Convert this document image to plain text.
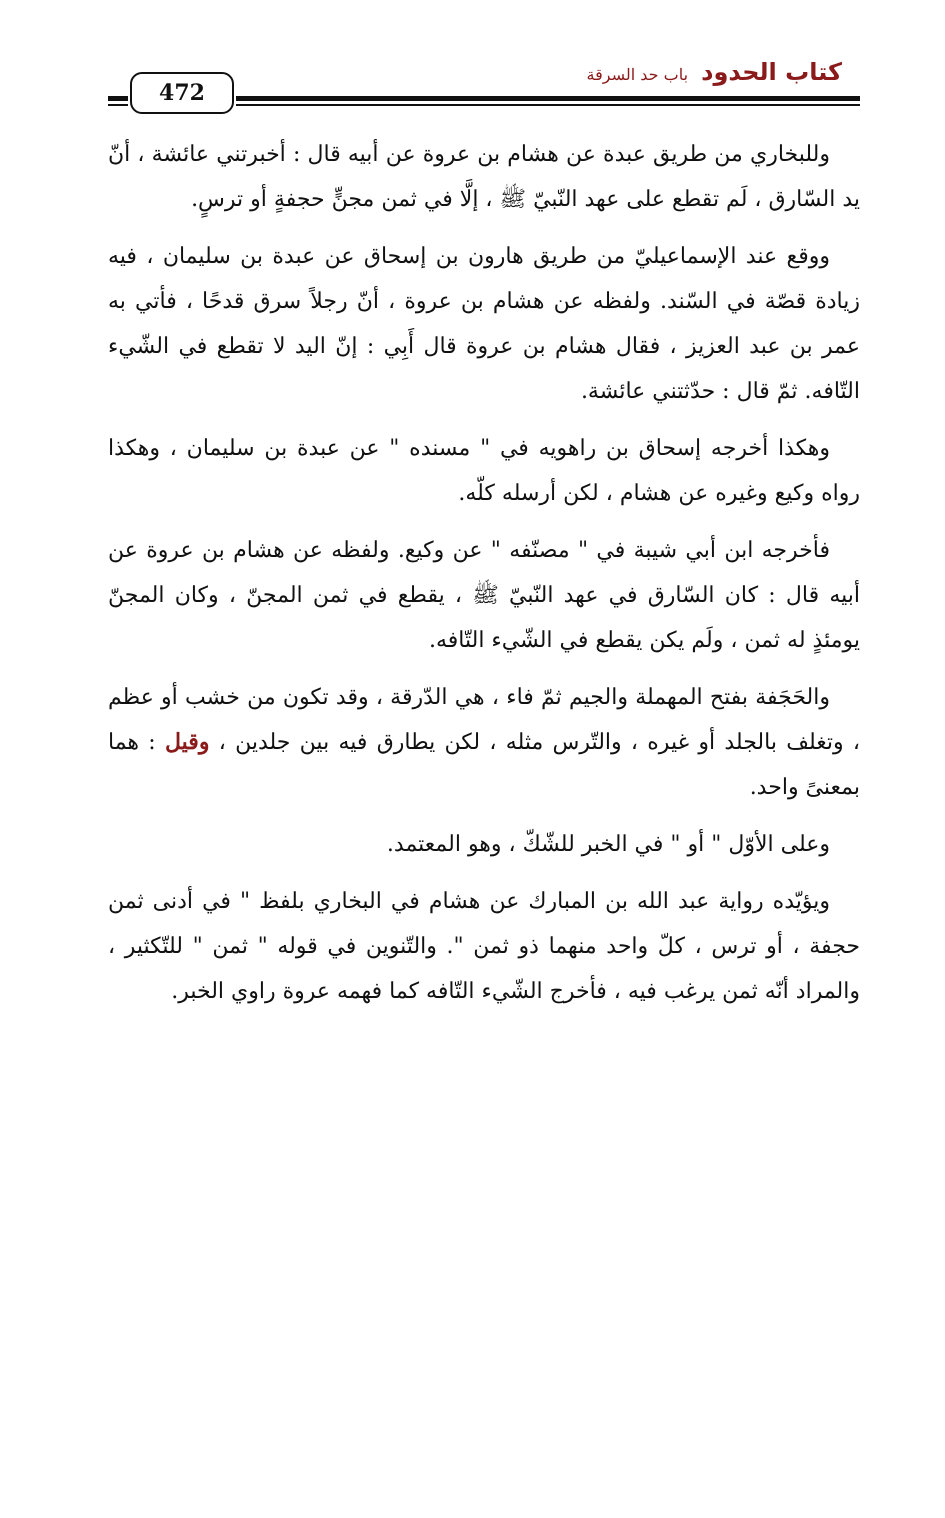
كتاب الحدود باب حد السرقة
472

وللبخاري من طريق عبدة عن هشام بن عروة عن أبيه قال : أخبرتني عائشة ، أنّ يد السّارق ، لَم تقطع على عهد النّبيّ ﷺ ، إلَّا في ثمن مجنٍّ حجفةٍ أو ترسٍ.

ووقع عند الإسماعيليّ من طريق هارون بن إسحاق عن عبدة بن سليمان ، فيه زيادة قصّة في السّند. ولفظه عن هشام بن عروة ، أنّ رجلاً سرق قدحًا ، فأتي به عمر بن عبد العزيز ، فقال هشام بن عروة قال أَبِي : إنّ اليد لا تقطع في الشّيء التّافه. ثمّ قال : حدّثتني عائشة.

وهكذا أخرجه إسحاق بن راهويه في " مسنده " عن عبدة بن سليمان ، وهكذا رواه وكيع وغيره عن هشام ، لكن أرسله كلّه.

فأخرجه ابن أبي شيبة في " مصنّفه " عن وكيع. ولفظه عن هشام بن عروة عن أبيه قال : كان السّارق في عهد النّبيّ ﷺ ، يقطع في ثمن المجنّ ، وكان المجنّ يومئذٍ له ثمن ، ولَم يكن يقطع في الشّيء التّافه.

والحَجَفة بفتح المهملة والجيم ثمّ فاء ، هي الدّرقة ، وقد تكون من خشب أو عظم ، وتغلف بالجلد أو غيره ، والتّرس مثله ، لكن يطارق فيه بين جلدين ، وقيل : هما بمعنىً واحد.

وعلى الأوّل " أو " في الخبر للشّكّ ، وهو المعتمد.

ويؤيّده رواية عبد الله بن المبارك عن هشام في البخاري بلفظ " في أدنى ثمن حجفة ، أو ترس ، كلّ واحد منهما ذو ثمن ". والتّنوين في قوله " ثمن " للتّكثير ، والمراد أنّه ثمن يرغب فيه ، فأخرج الشّيء التّافه كما فهمه عروة راوي الخبر.
